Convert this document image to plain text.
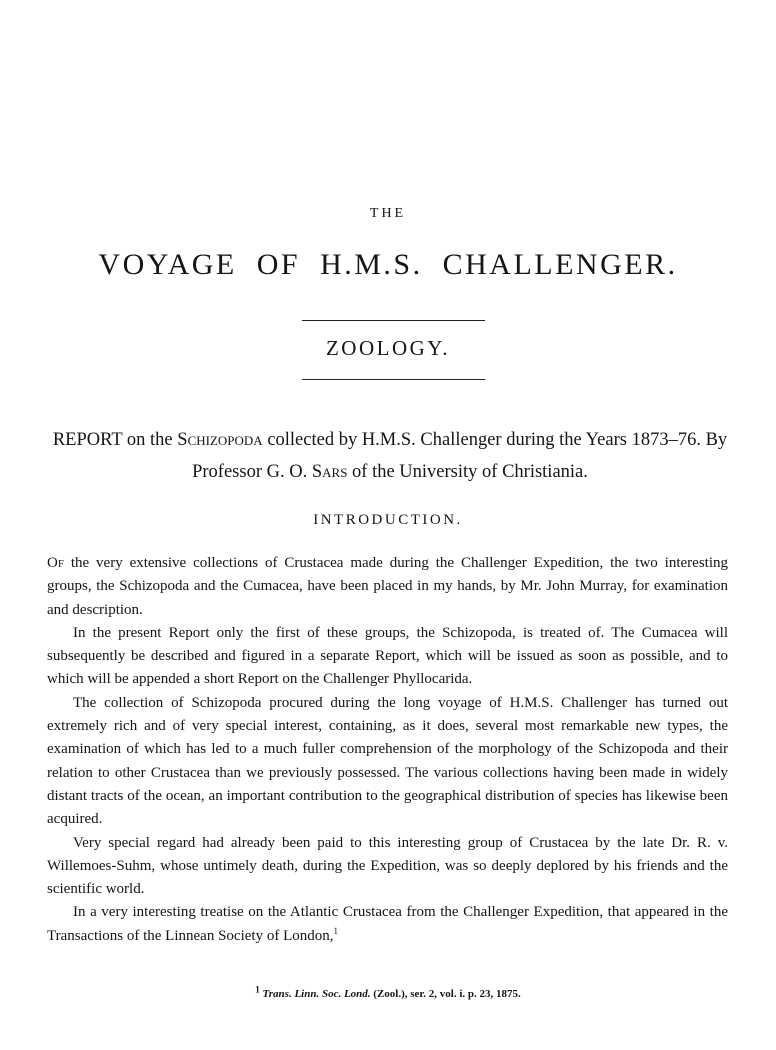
THE
VOYAGE OF H.M.S. CHALLENGER.
ZOOLOGY.
REPORT on the Schizopoda collected by H.M.S. Challenger during the Years 1873–76. By Professor G. O. Sars of the University of Christiania.
INTRODUCTION.

Of the very extensive collections of Crustacea made during the Challenger Expedition, the two interesting groups, the Schizopoda and the Cumacea, have been placed in my hands, by Mr. John Murray, for examination and description.

In the present Report only the first of these groups, the Schizopoda, is treated of. The Cumacea will subsequently be described and figured in a separate Report, which will be issued as soon as possible, and to which will be appended a short Report on the Challenger Phyllocarida.

The collection of Schizopoda procured during the long voyage of H.M.S. Challenger has turned out extremely rich and of very special interest, containing, as it does, several most remarkable new types, the examination of which has led to a much fuller comprehension of the morphology of the Schizopoda and their relation to other Crustacea than we previously possessed. The various collections having been made in widely distant tracts of the ocean, an important contribution to the geographical distribution of species has likewise been acquired.

Very special regard had already been paid to this interesting group of Crustacea by the late Dr. R. v. Willemoes-Suhm, whose untimely death, during the Expedition, was so deeply deplored by his friends and the scientific world.

In a very interesting treatise on the Atlantic Crustacea from the Challenger Expedition, that appeared in the Transactions of the Linnean Society of London,$^1$

$^1$ Trans. Linn. Soc. Lond. (Zool.), ser. 2, vol. i. p. 23, 1875.
